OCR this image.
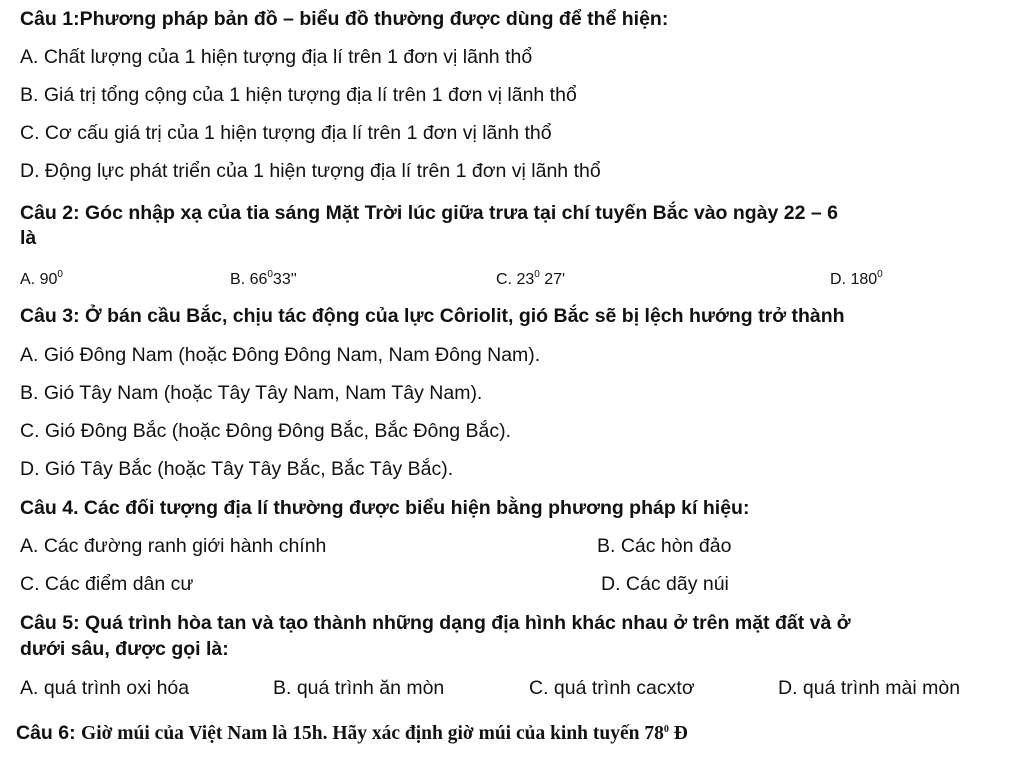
Câu 1:Phương pháp bản đồ – biểu đồ thường được dùng để thể hiện:
A. Chất lượng của 1 hiện tượng địa lí trên 1 đơn vị lãnh thổ
B. Giá trị tổng cộng của 1 hiện tượng địa lí trên 1 đơn vị lãnh thổ
C. Cơ cấu giá trị của 1 hiện tượng địa lí trên 1 đơn vị lãnh thổ
D. Động lực phát triển của 1 hiện tượng địa lí trên 1 đơn vị lãnh thổ
Câu 2: Góc nhập xạ của tia sáng Mặt Trời lúc giữa trưa tại chí tuyến Bắc vào ngày 22 – 6
là
A. $90^0$	B. $66^033''$	C. $23^0$ 27'	D. $180^0$
Câu 3: Ở bán cầu Bắc, chịu tác động của lực Côriolit, gió Bắc sẽ bị lệch hướng trở thành
A. Gió Đông Nam (hoặc Đông Đông Nam, Nam Đông Nam).
B. Gió Tây Nam (hoặc Tây Tây Nam, Nam Tây Nam).
C. Gió Đông Bắc (hoặc Đông Đông Bắc, Bắc Đông Bắc).
D. Gió Tây Bắc (hoặc Tây Tây Bắc, Bắc Tây Bắc).
Câu 4. Các đối tượng địa lí thường được biểu hiện bằng phương pháp kí hiệu:
A. Các đường ranh giới hành chính	B. Các hòn đảo
C. Các điểm dân cư	D. Các dãy núi
Câu 5: Quá trình hòa tan và tạo thành những dạng địa hình khác nhau ở trên mặt đất và ở
dưới sâu, được gọi là:
A. quá trình oxi hóa	B. quá trình ăn mòn	C. quá trình cacxtơ	D. quá trình mài mòn
Câu 6: Giờ múi của Việt Nam là 15h. Hãy xác định giờ múi của kinh tuyến $78^0$ Đ
